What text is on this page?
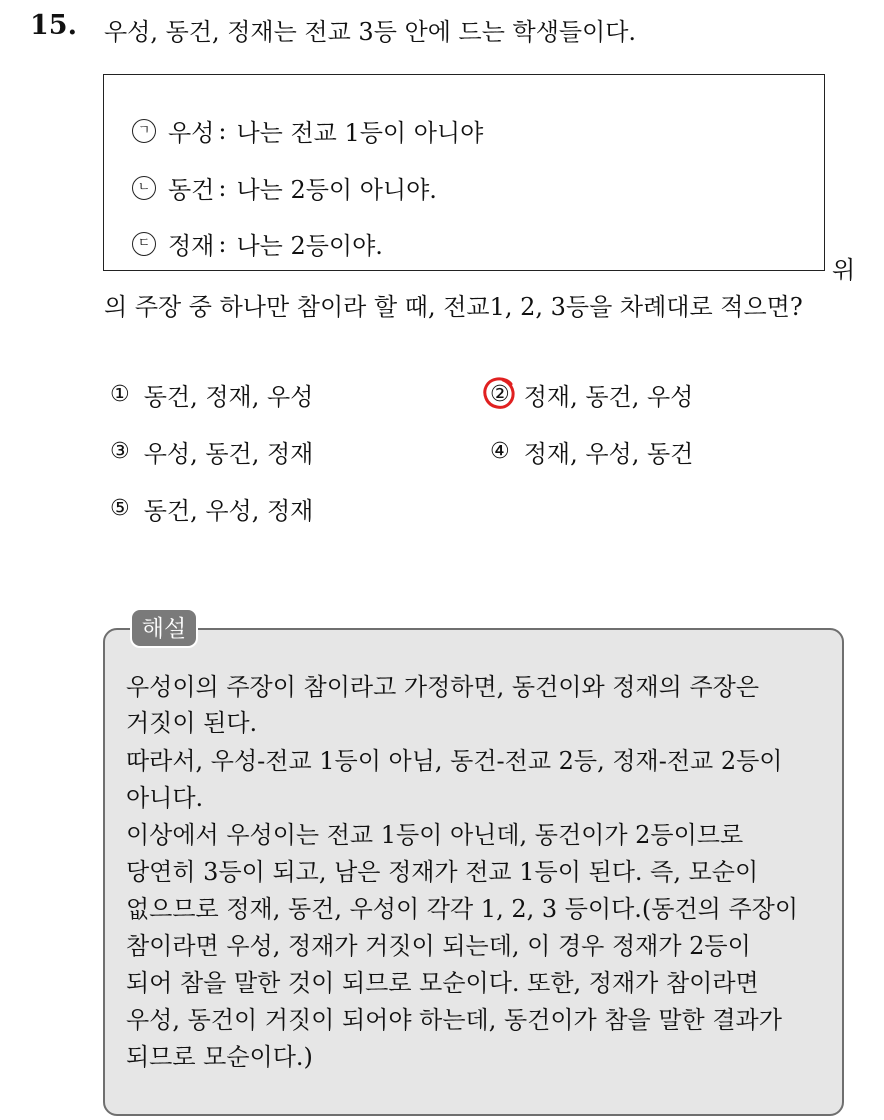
15. 우성, 동건, 정재는 전교 3등 안에 드는 학생들이다.
ㄱ 우성 : 나는 전교 1등이 아니야
ㄴ 동건 : 나는 2등이 아니야.
ㄷ 정재 : 나는 2등이야.
위
의 주장 중 하나만 참이라 할 때, 전교1, 2, 3등을 차례대로 적으면?
① 동건, 정재, 우성	② 정재, 동건, 우성
③ 우성, 동건, 정재	④ 정재, 우성, 동건
⑤ 동건, 우성, 정재
해설
우성이의 주장이 참이라고 가정하면, 동건이와 정재의 주장은
거짓이 된다.
따라서, 우성-전교 1등이 아님, 동건-전교 2등, 정재-전교 2등이
아니다.
이상에서 우성이는 전교 1등이 아닌데, 동건이가 2등이므로
당연히 3등이 되고, 남은 정재가 전교 1등이 된다. 즉, 모순이
없으므로 정재, 동건, 우성이 각각 1, 2, 3 등이다.(동건의 주장이
참이라면 우성, 정재가 거짓이 되는데, 이 경우 정재가 2등이
되어 참을 말한 것이 되므로 모순이다. 또한, 정재가 참이라면
우성, 동건이 거짓이 되어야 하는데, 동건이가 참을 말한 결과가
되므로 모순이다.)
